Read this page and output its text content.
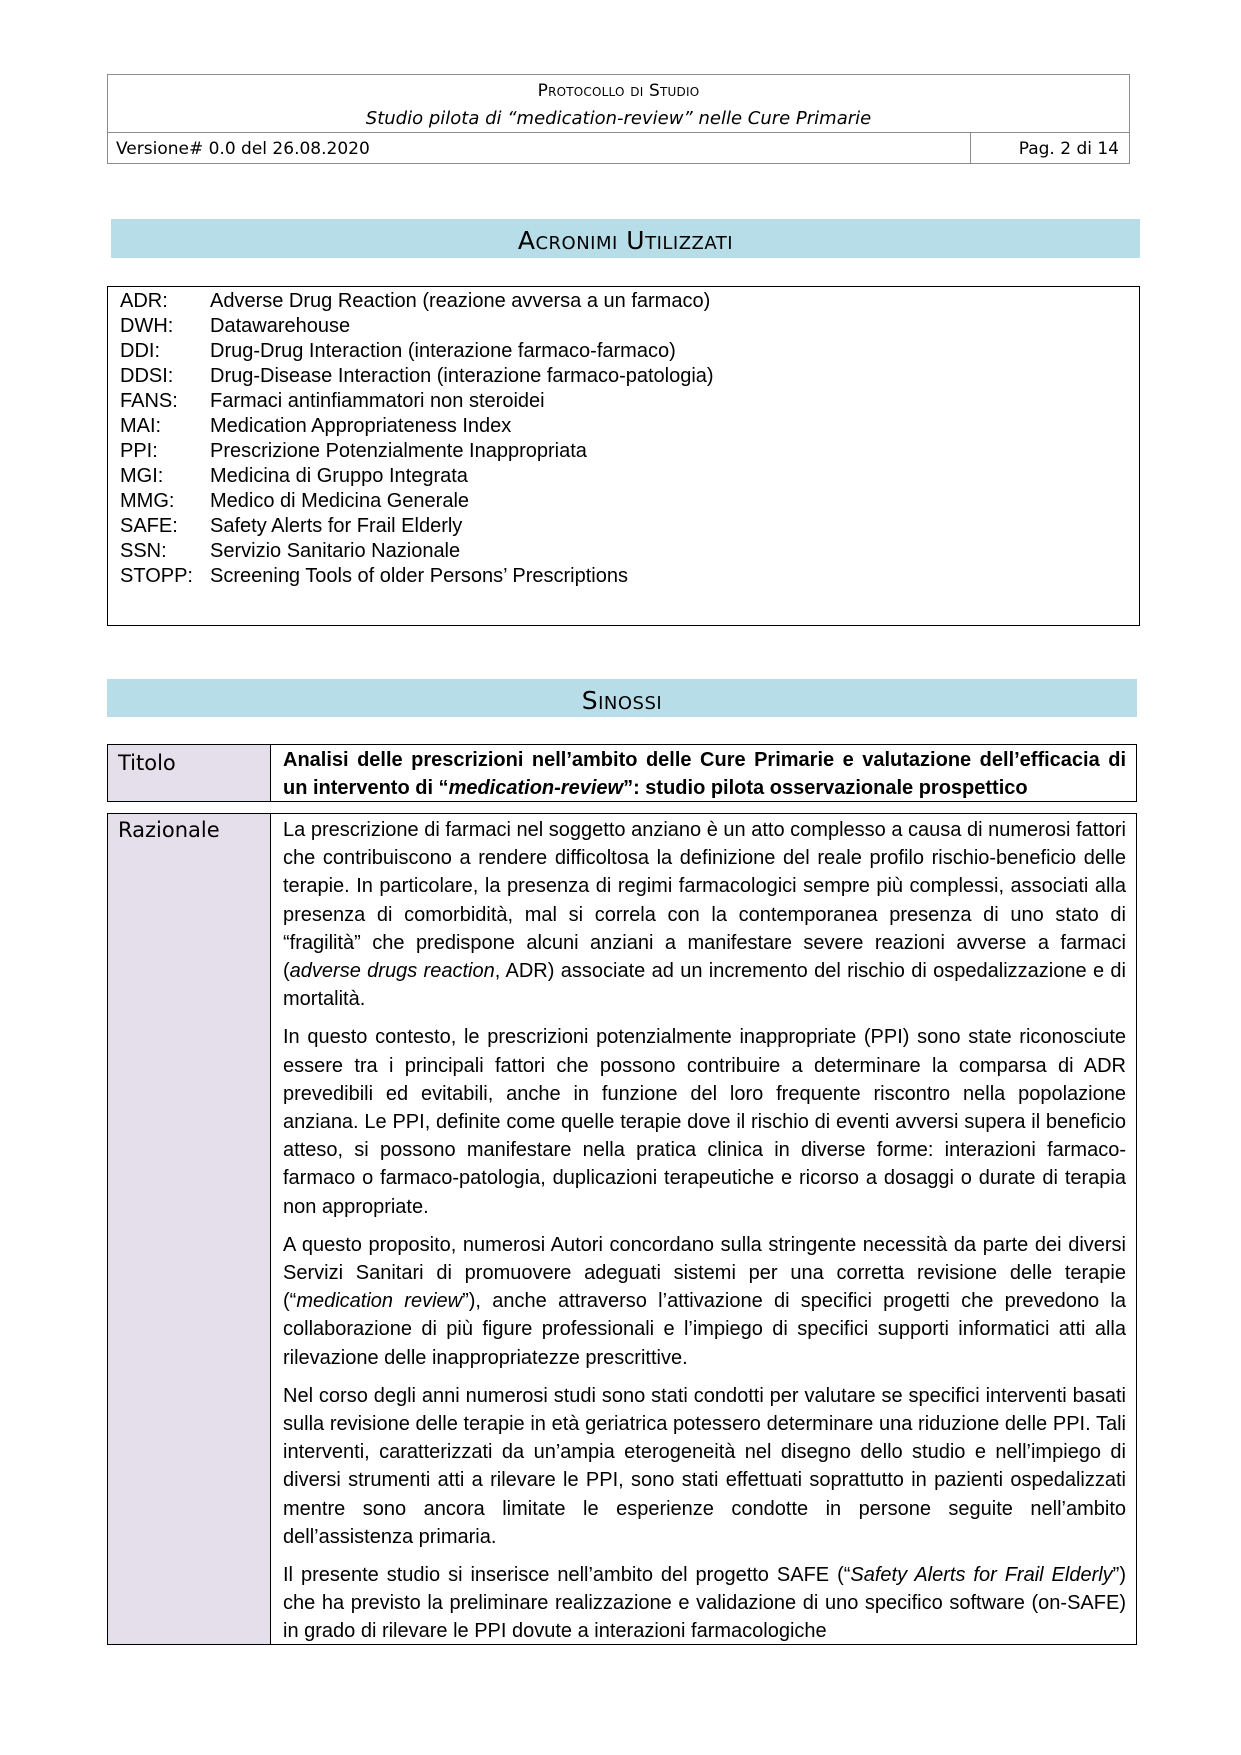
Protocollo di Studio
Studio pilota di “medication-review” nelle Cure Primarie
Versione# 0.0 del 26.08.2020	Pag. 2 di 14
Acronimi Utilizzati
ADR: Adverse Drug Reaction (reazione avversa a un farmaco)
DWH: Datawarehouse
DDI:	Drug-Drug Interaction (interazione farmaco-farmaco)
DDSI: Drug-Disease Interaction (interazione farmaco-patologia)
FANS: Farmaci antinfiammatori non steroidei
MAI: Medication Appropriateness Index
PPI:	Prescrizione Potenzialmente Inappropriata
MGI: Medicina di Gruppo Integrata
MMG: Medico di Medicina Generale
SAFE: Safety Alerts for Frail Elderly
SSN: Servizio Sanitario Nazionale
STOPP: Screening Tools of older Persons’ Prescriptions
Sinossi
Titolo	Analisi delle prescrizioni nell’ambito delle Cure Primarie e valutazione dell’efficacia di un intervento di “medication-review”: studio pilota osservazionale prospettico
Razionale	La prescrizione di farmaci nel soggetto anziano è un atto complesso a causa di numerosi fattori che contribuiscono a rendere difficoltosa la definizione del reale profilo rischio-beneficio delle terapie. In particolare, la presenza di regimi farmacologici sempre più complessi, associati alla presenza di comorbidità, mal si correla con la contemporanea presenza di uno stato di “fragilità” che predispone alcuni anziani a manifestare severe reazioni avverse a farmaci (adverse drugs reaction, ADR) associate ad un incremento del rischio di ospedalizzazione e di mortalità.

In questo contesto, le prescrizioni potenzialmente inappropriate (PPI) sono state riconosciute essere tra i principali fattori che possono contribuire a determinare la comparsa di ADR prevedibili ed evitabili, anche in funzione del loro frequente riscontro nella popolazione anziana. Le PPI, definite come quelle terapie dove il rischio di eventi avversi supera il beneficio atteso, si possono manifestare nella pratica clinica in diverse forme: interazioni farmaco-farmaco o farmaco-patologia, duplicazioni terapeutiche e ricorso a dosaggi o durate di terapia non appropriate.

A questo proposito, numerosi Autori concordano sulla stringente necessità da parte dei diversi Servizi Sanitari di promuovere adeguati sistemi per una corretta revisione delle terapie (“medication review”), anche attraverso l’attivazione di specifici progetti che prevedono la collaborazione di più figure professionali e l’impiego di specifici supporti informatici atti alla rilevazione delle inappropriatezze prescrittive.

Nel corso degli anni numerosi studi sono stati condotti per valutare se specifici interventi basati sulla revisione delle terapie in età geriatrica potessero determinare una riduzione delle PPI. Tali interventi, caratterizzati da un’ampia eterogeneità nel disegno dello studio e nell’impiego di diversi strumenti atti a rilevare le PPI, sono stati effettuati soprattutto in pazienti ospedalizzati mentre sono ancora limitate le esperienze condotte in persone seguite nell’ambito dell’assistenza primaria.

Il presente studio si inserisce nell’ambito del progetto SAFE (“Safety Alerts for Frail Elderly”) che ha previsto la preliminare realizzazione e validazione di uno specifico software (on-SAFE) in grado di rilevare le PPI dovute a interazioni farmacologiche
